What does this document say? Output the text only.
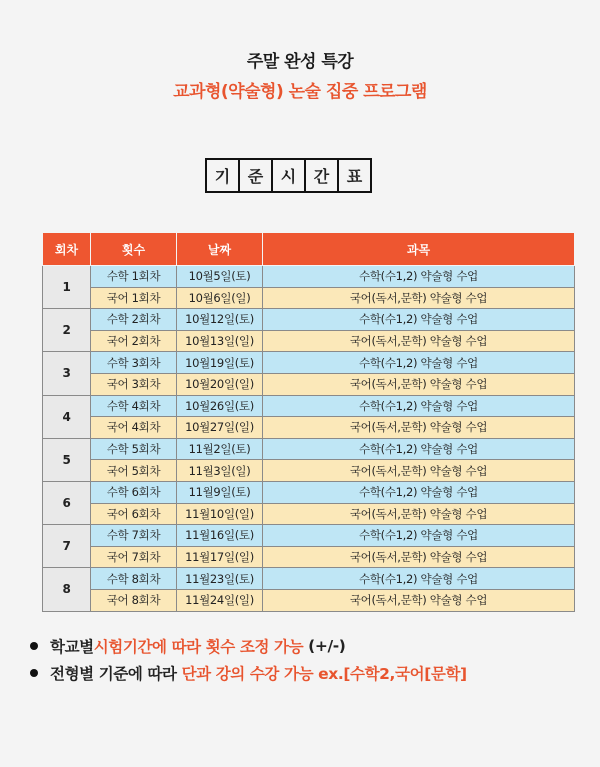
주말 완성 특강
교과형(약술형) 논술 집중 프로그램
기	준	시	간	표
회차	횟수	날짜	과목
1	수학 1회차	10월5일(토)	수학(수1,2) 약술형 수업
	국어 1회차	10월6일(일)	국어(독서,문학) 약술형 수업
2	수학 2회차	10월12일(토)	수학(수1,2) 약술형 수업
	국어 2회차	10월13일(일)	국어(독서,문학) 약술형 수업
3	수학 3회차	10월19일(토)	수학(수1,2) 약술형 수업
	국어 3회차	10월20일(일)	국어(독서,문학) 약술형 수업
4	수학 4회차	10월26일(토)	수학(수1,2) 약술형 수업
	국어 4회차	10월27일(일)	국어(독서,문학) 약술형 수업
5	수학 5회차	11월2일(토)	수학(수1,2) 약술형 수업
	국어 5회차	11월3일(일)	국어(독서,문학) 약술형 수업
6	수학 6회차	11월9일(토)	수학(수1,2) 약술형 수업
	국어 6회차	11월10일(일)	국어(독서,문학) 약술형 수업
7	수학 7회차	11월16일(토)	수학(수1,2) 약술형 수업
	국어 7회차	11월17일(일)	국어(독서,문학) 약술형 수업
8	수학 8회차	11월23일(토)	수학(수1,2) 약술형 수업
	국어 8회차	11월24일(일)	국어(독서,문학) 약술형 수업
학교별 시험기간에 따라 횟수 조정 가능 (+/-)
전형별 기준에 따라 단과 강의 수강 가능 ex.[수학2,국어[문학]
